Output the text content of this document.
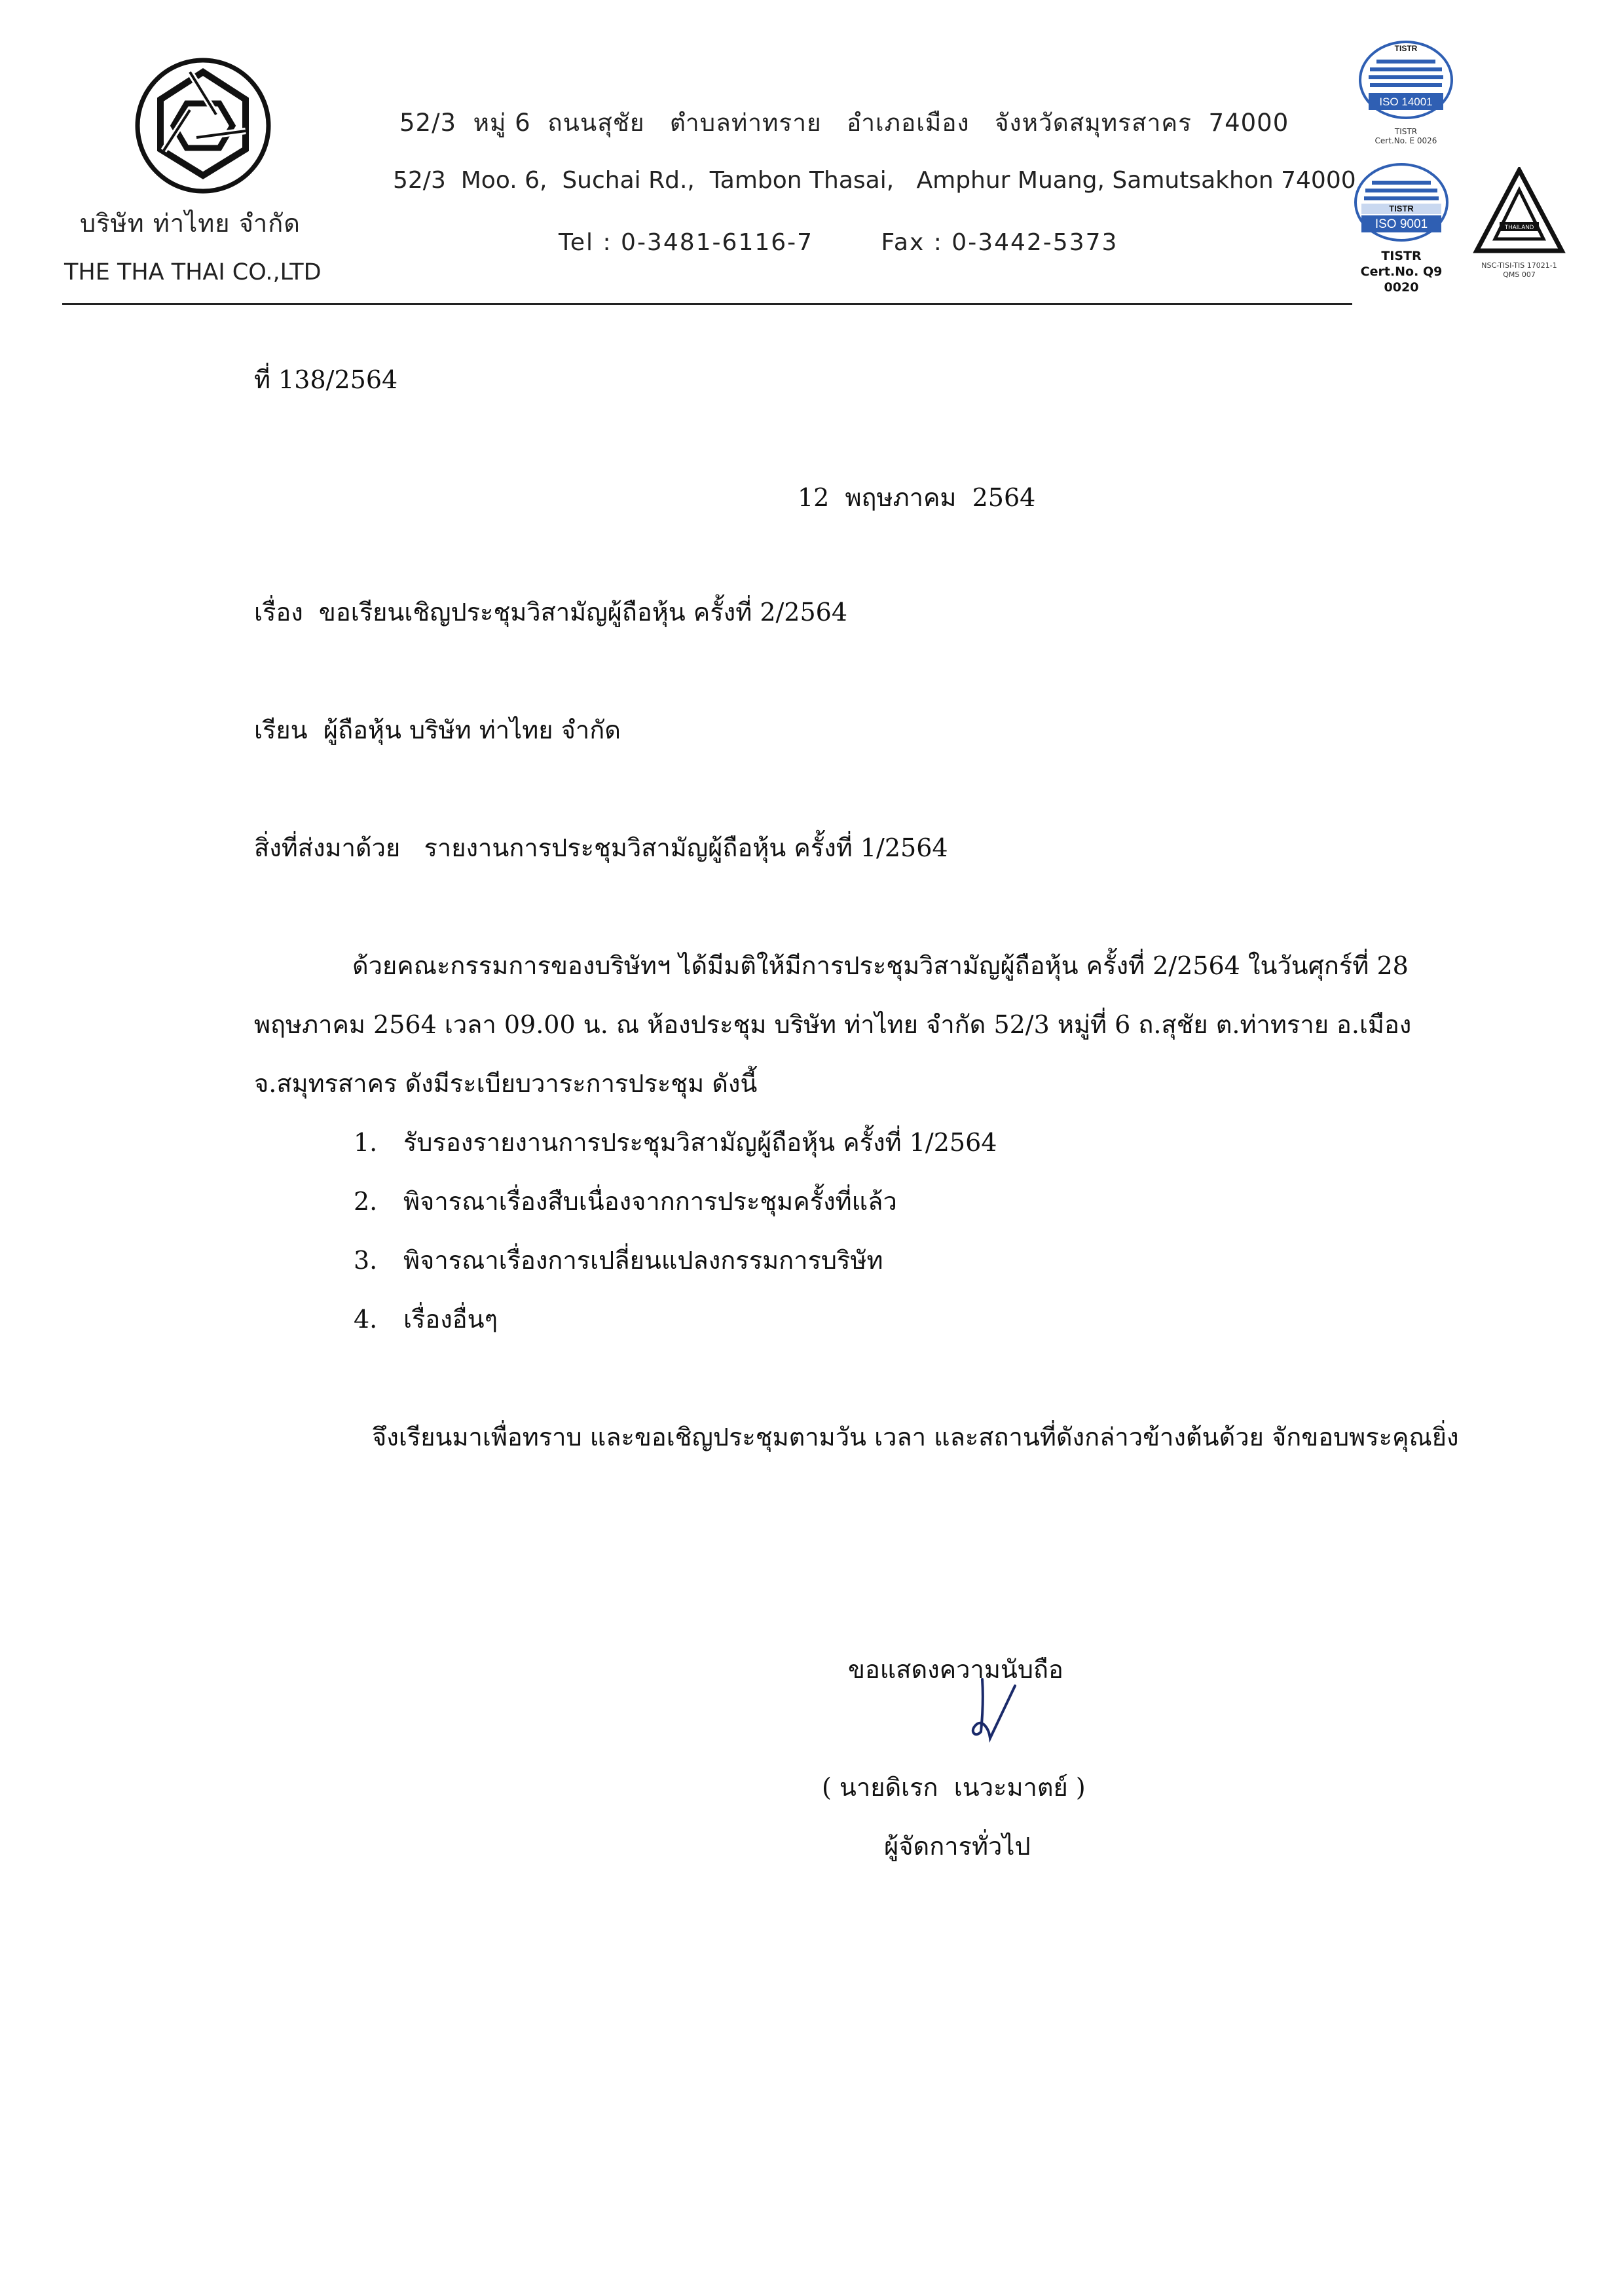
บริษัท ท่าไทย จำกัด
THE THA THAI CO.,LTD
52/3  หมู่ 6  ถนนสุชัย   ตำบลท่าทราย   อำเภอเมือง   จังหวัดสมุทรสาคร  74000
52/3  Moo. 6,  Suchai Rd.,  Tambon Thasai,   Amphur Muang, Samutsakhon 74000
Tel : 0-3481-6116-7	Fax : 0-3442-5373
TISTR
ISO 14001
TISTR
Cert.No. E 0026
TISTR
ISO 9001
TISTR
Cert.No. Q9 0020
THAILAND
NSC-TISI-TIS 17021-1
QMS 007
ที่ 138/2564
12  พฤษภาคม  2564
เรื่อง  ขอเรียนเชิญประชุมวิสามัญผู้ถือหุ้น ครั้งที่ 2/2564
เรียน  ผู้ถือหุ้น บริษัท ท่าไทย จำกัด
สิ่งที่ส่งมาด้วย   รายงานการประชุมวิสามัญผู้ถือหุ้น ครั้งที่ 1/2564
ด้วยคณะกรรมการของบริษัทฯ ได้มีมติให้มีการประชุมวิสามัญผู้ถือหุ้น ครั้งที่ 2/2564 ในวันศุกร์ที่ 28 พฤษภาคม 2564 เวลา 09.00 น. ณ ห้องประชุม บริษัท ท่าไทย จำกัด 52/3 หมู่ที่ 6 ถ.สุชัย ต.ท่าทราย อ.เมือง จ.สมุทรสาคร ดังมีระเบียบวาระการประชุม ดังนี้
1. รับรองรายงานการประชุมวิสามัญผู้ถือหุ้น ครั้งที่ 1/2564
2. พิจารณาเรื่องสืบเนื่องจากการประชุมครั้งที่แล้ว
3. พิจารณาเรื่องการเปลี่ยนแปลงกรรมการบริษัท
4. เรื่องอื่นๆ
จึงเรียนมาเพื่อทราบ และขอเชิญประชุมตามวัน เวลา และสถานที่ดังกล่าวข้างต้นด้วย จักขอบพระคุณยิ่ง
ขอแสดงความนับถือ
( นายดิเรก  เนวะมาตย์ )
ผู้จัดการทั่วไป
